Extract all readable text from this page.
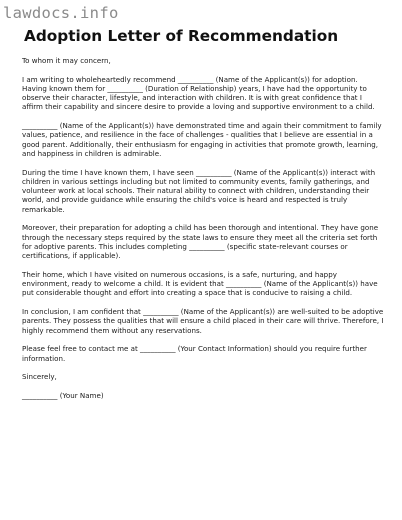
lawdocs.info
Adoption Letter of Recommendation

To whom it may concern,

I am writing to wholeheartedly recommend __________ (Name of the Applicant(s)) for adoption. Having known them for __________ (Duration of Relationship) years, I have had the opportunity to observe their character, lifestyle, and interaction with children. It is with great confidence that I affirm their capability and sincere desire to provide a loving and supportive environment to a child.

__________ (Name of the Applicant(s)) have demonstrated time and again their commitment to family values, patience, and resilience in the face of challenges - qualities that I believe are essential in a good parent. Additionally, their enthusiasm for engaging in activities that promote growth, learning, and happiness in children is admirable.

During the time I have known them, I have seen __________ (Name of the Applicant(s)) interact with children in various settings including but not limited to community events, family gatherings, and volunteer work at local schools. Their natural ability to connect with children, understanding their world, and provide guidance while ensuring the child's voice is heard and respected is truly remarkable.

Moreover, their preparation for adopting a child has been thorough and intentional. They have gone through the necessary steps required by the state laws to ensure they meet all the criteria set forth for adoptive parents. This includes completing __________ (specific state-relevant courses or certifications, if applicable).

Their home, which I have visited on numerous occasions, is a safe, nurturing, and happy environment, ready to welcome a child. It is evident that __________ (Name of the Applicant(s)) have put considerable thought and effort into creating a space that is conducive to raising a child.

In conclusion, I am confident that __________ (Name of the Applicant(s)) are well-suited to be adoptive parents. They possess the qualities that will ensure a child placed in their care will thrive. Therefore, I highly recommend them without any reservations.

Please feel free to contact me at __________ (Your Contact Information) should you require further information.

Sincerely,

__________ (Your Name)
